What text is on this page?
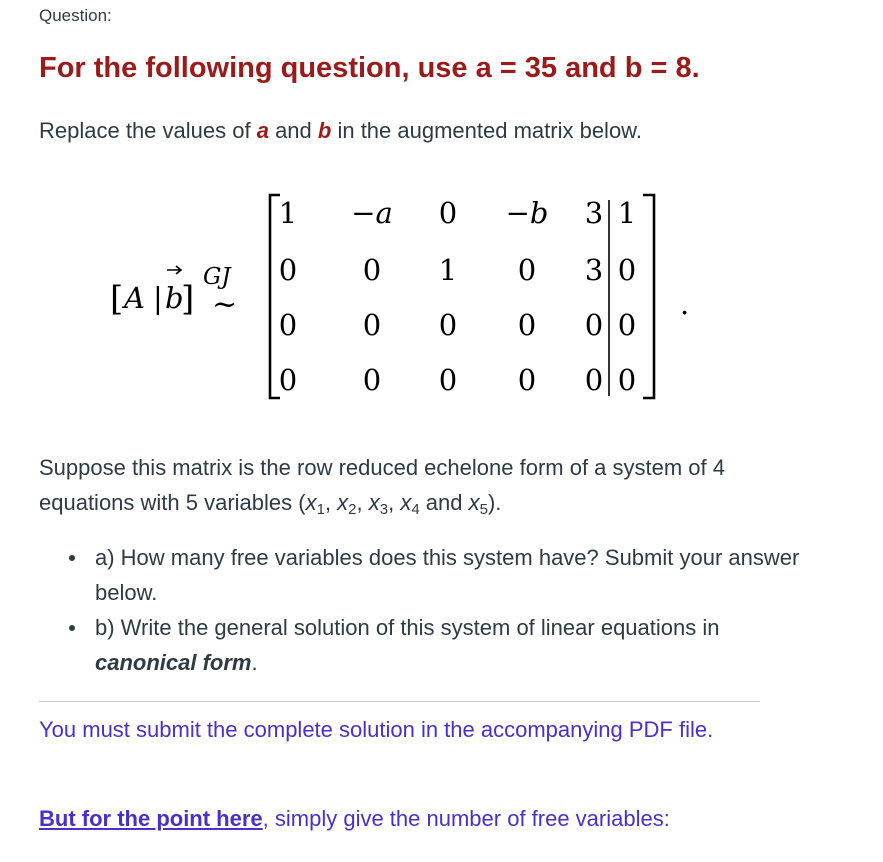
Question:
For the following question, use a = 35 and b = 8.
Replace the values of a and b in the augmented matrix below.
[ A | b
]
GJ
~
1 −a 0 −b 3 1
0 0 1 0 3 0
0 0 0 0 0 0
0 0 0 0 0 0
.
Suppose this matrix is the row reduced echelone form of a system of 4 equations with 5 variables ($x_1$, $x_2$, $x_3$, $x_4$ and $x_5$).
a) How many free variables does this system have? Submit your answer below.
b) Write the general solution of this system of linear equations in canonical form.
You must submit the complete solution in the accompanying PDF file.
But for the point here, simply give the number of free variables:
